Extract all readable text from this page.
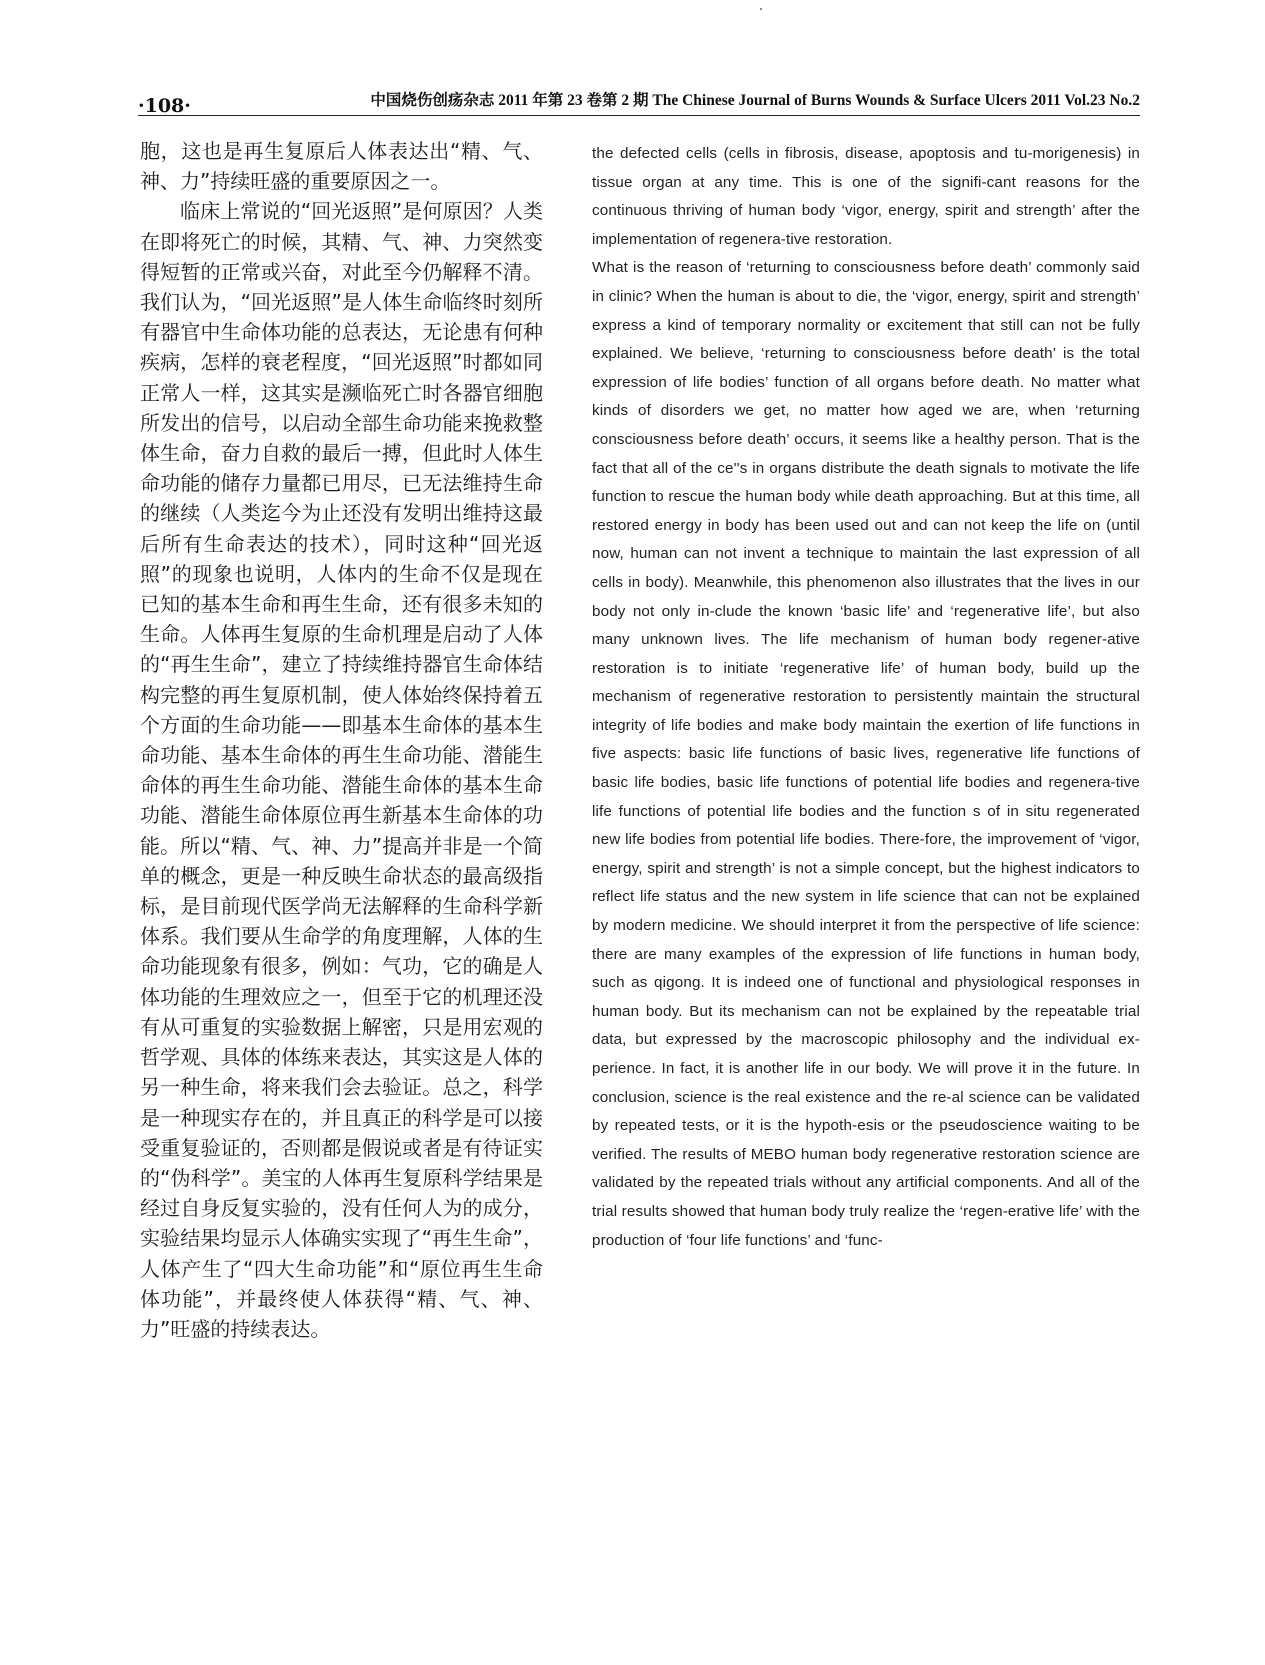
·108·	中国烧伤创疡杂志 2011 年第 23 卷第 2 期 The Chinese Journal of Burns Wounds & Surface Ulcers 2011 Vol.23 No.2

胞，这也是再生复原后人体表达出“精、气、神、力”持续旺盛的重要原因之一。

临床上常说的“回光返照”是何原因？人类在即将死亡的时候，其精、气、神、力突然变得短暂的正常或兴奋，对此至今仍解释不清。我们认为，“回光返照”是人体生命临终时刻所有器官中生命体功能的总表达，无论患有何种疾病，怎样的衰老程度，“回光返照”时都如同正常人一样，这其实是濒临死亡时各器官细胞所发出的信号，以启动全部生命功能来挽救整体生命，奋力自救的最后一搏，但此时人体生命功能的储存力量都已用尽，已无法维持生命的继续（人类迄今为止还没有发明出维持这最后所有生命表达的技术），同时这种“回光返照”的现象也说明，人体内的生命不仅是现在已知的基本生命和再生生命，还有很多未知的生命。人体再生复原的生命机理是启动了人体的“再生生命”，建立了持续维持器官生命体结构完整的再生复原机制，使人体始终保持着五个方面的生命功能——即基本生命体的基本生命功能、基本生命体的再生生命功能、潜能生命体的再生生命功能、潜能生命体的基本生命功能、潜能生命体原位再生新基本生命体的功能。所以“精、气、神、力”提高并非是一个简单的概念，更是一种反映生命状态的最高级指标，是目前现代医学尚无法解释的生命科学新体系。我们要从生命学的角度理解，人体的生命功能现象有很多，例如：气功，它的确是人体功能的生理效应之一，但至于它的机理还没有从可重复的实验数据上解密，只是用宏观的哲学观、具体的体练来表达，其实这是人体的另一种生命，将来我们会去验证。总之，科学是一种现实存在的，并且真正的科学是可以接受重复验证的，否则都是假说或者是有待证实的“伪科学”。美宝的人体再生复原科学结果是经过自身反复实验的，没有任何人为的成分，实验结果均显示人体确实实现了“再生生命”，人体产生了“四大生命功能”和“原位再生生命体功能”，并最终使人体获得“精、气、神、力”旺盛的持续表达。

the defected cells (cells in fibrosis, disease, apoptosis and tu-morigenesis) in tissue organ at any time. This is one of the signifi-cant reasons for the continuous thriving of human body ‘vigor, energy, spirit and strength’ after the implementation of regenera-tive restoration.

What is the reason of ‘returning to consciousness before death’ commonly said in clinic? When the human is about to die, the ‘vigor, energy, spirit and strength’ express a kind of temporary normality or excitement that still can not be fully explained. We believe, ‘returning to consciousness before death’ is the total expression of life bodies’ function of all organs before death. No matter what kinds of disorders we get, no matter how aged we are, when ‘returning consciousness before death’ occurs, it seems like a healthy person. That is the fact that all of the ce''s in organs distribute the death signals to motivate the life function to rescue the human body while death approaching. But at this time, all restored energy in body has been used out and can not keep the life on (until now, human can not invent a technique to maintain the last expression of all cells in body). Meanwhile, this phenomenon also illustrates that the lives in our body not only in-clude the known ‘basic life’ and ‘regenerative life’, but also many unknown lives. The life mechanism of human body regener-ative restoration is to initiate ‘regenerative life’ of human body, build up the mechanism of regenerative restoration to persistently maintain the structural integrity of life bodies and make body maintain the exertion of life functions in five aspects: basic life functions of basic lives, regenerative life functions of basic life bodies, basic life functions of potential life bodies and regenera-tive life functions of potential life bodies and the function s of in situ regenerated new life bodies from potential life bodies. There-fore, the improvement of ‘vigor, energy, spirit and strength’ is not a simple concept, but the highest indicators to reflect life status and the new system in life science that can not be explained by modern medicine. We should interpret it from the perspective of life science: there are many examples of the expression of life functions in human body, such as qigong. It is indeed one of functional and physiological responses in human body. But its mechanism can not be explained by the repeatable trial data, but expressed by the macroscopic philosophy and the individual ex-perience. In fact, it is another life in our body. We will prove it in the future. In conclusion, science is the real existence and the re-al science can be validated by repeated tests, or it is the hypoth-esis or the pseudoscience waiting to be verified. The results of MEBO human body regenerative restoration science are validated by the repeated trials without any artificial components. And all of the trial results showed that human body truly realize the ‘regen-erative life’ with the production of ‘four life functions’ and ‘func-
